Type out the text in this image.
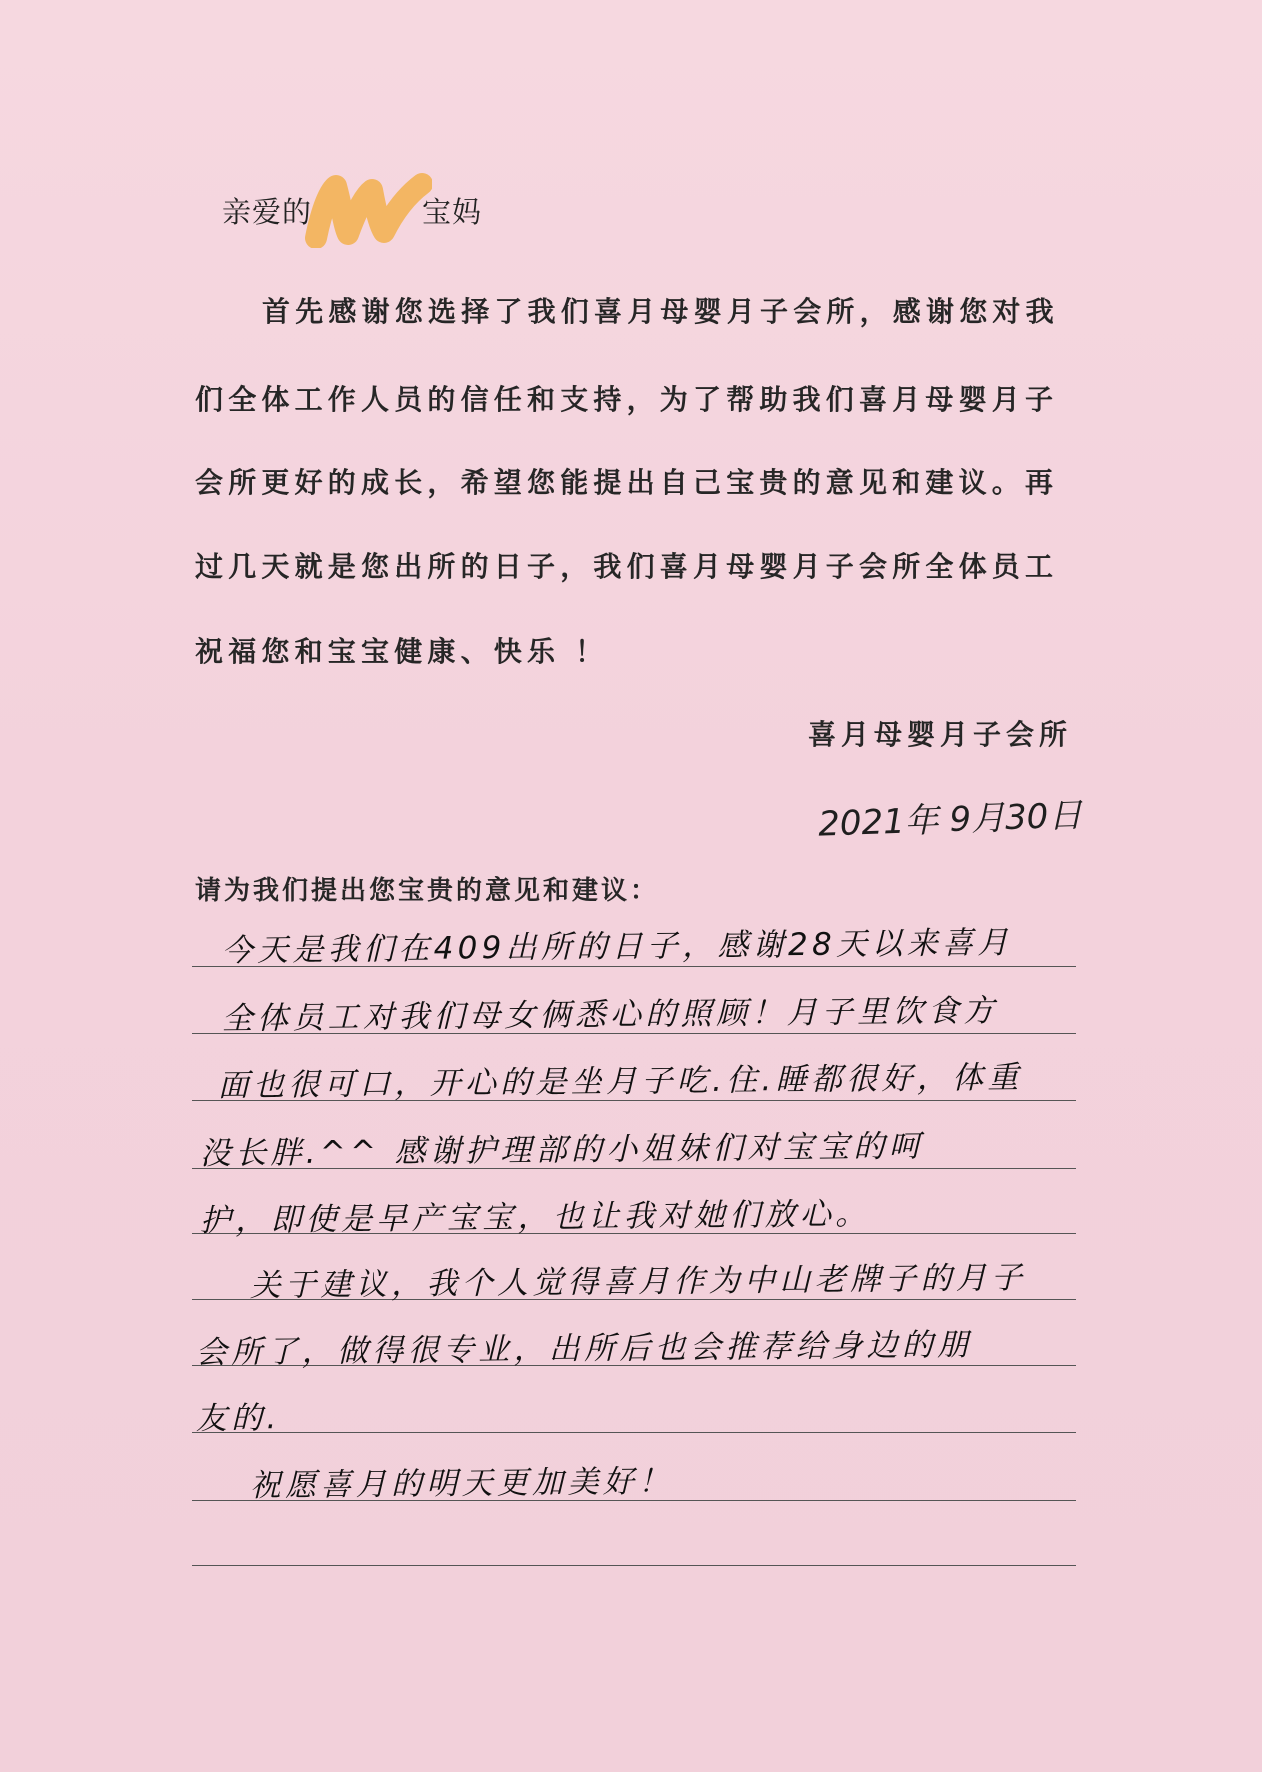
亲爱的	宝妈
首先感谢您选择了我们喜月母婴月子会所，感谢您对我
们全体工作人员的信任和支持，为了帮助我们喜月母婴月子
会所更好的成长，希望您能提出自己宝贵的意见和建议。再
过几天就是您出所的日子，我们喜月母婴月子会所全体员工
祝福您和宝宝健康、快乐 ！
喜月母婴月子会所
2021年 9月30日
请为我们提出您宝贵的意见和建议：
今天是我们在409出所的日子，感谢28天以来喜月
全体员工对我们母女俩悉心的照顾！月子里饮食方
面也很可口，开心的是坐月子吃.住.睡都很好，体重
没长胖.^^ 感谢护理部的小姐妹们对宝宝的呵
护，即使是早产宝宝，也让我对她们放心。
关于建议，我个人觉得喜月作为中山老牌子的月子
会所了，做得很专业，出所后也会推荐给身边的朋
友的.
祝愿喜月的明天更加美好！
